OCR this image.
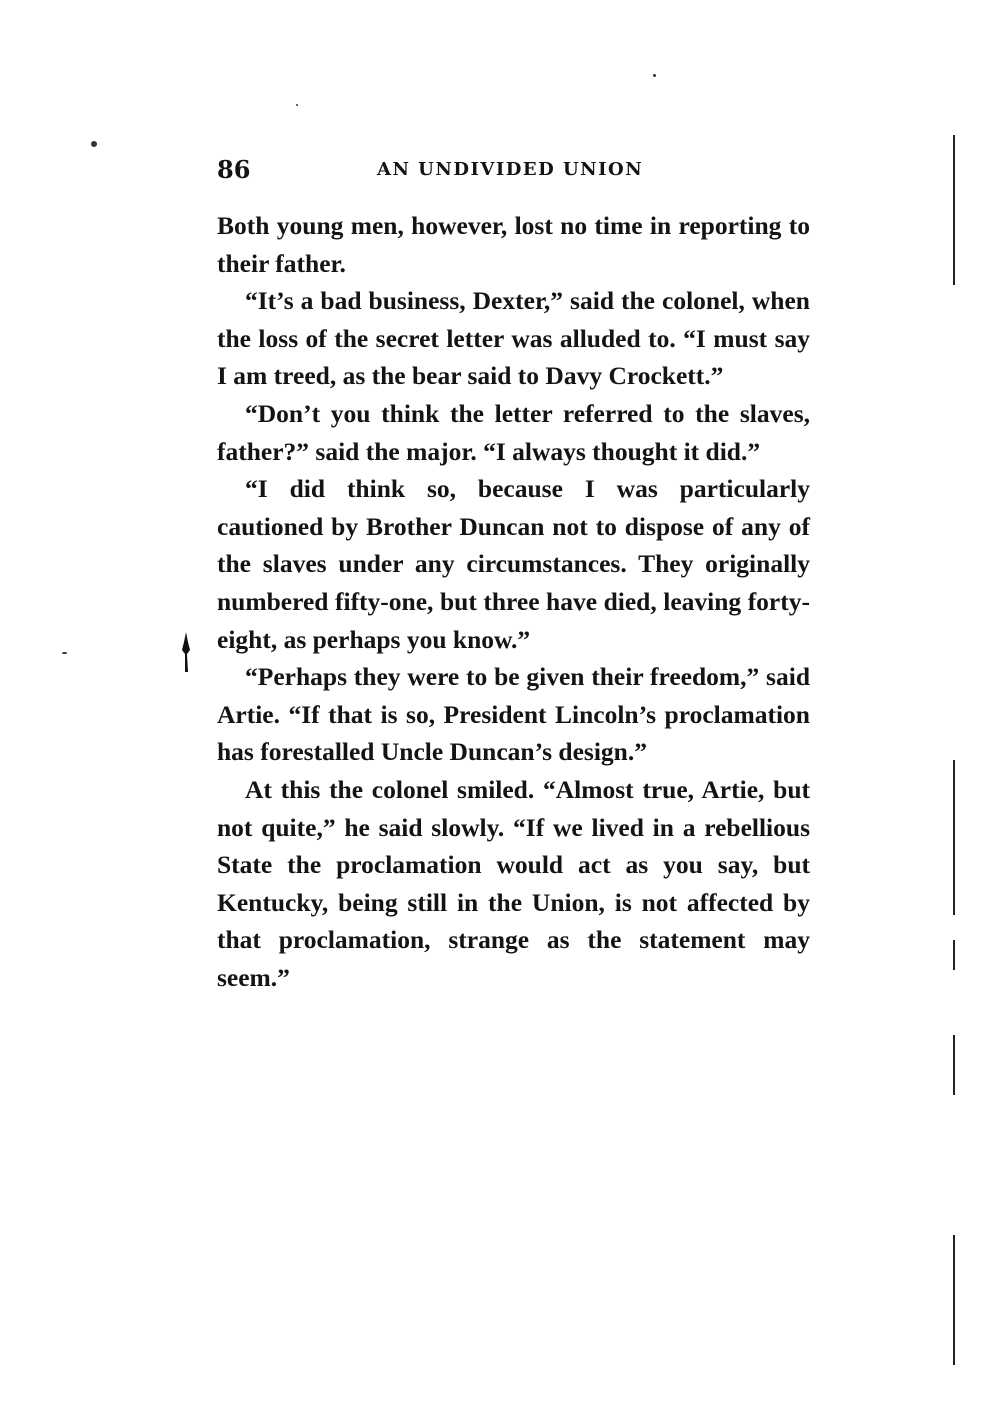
86	AN UNDIVIDED UNION

Both young men, however, lost no time in reporting to their father.

“It’s a bad business, Dexter,” said the colonel, when the loss of the secret letter was alluded to. “I must say I am treed, as the bear said to Davy Crockett.”

“Don’t you think the letter referred to the slaves, father?” said the major. “I always thought it did.”

“I did think so, because I was particularly cautioned by Brother Duncan not to dispose of any of the slaves under any circumstances. They originally numbered fifty-one, but three have died, leaving forty-eight, as perhaps you know.”

“Perhaps they were to be given their freedom,” said Artie. “If that is so, President Lincoln’s proclamation has forestalled Uncle Duncan’s design.”

At this the colonel smiled. “Almost true, Artie, but not quite,” he said slowly. “If we lived in a rebellious State the proclamation would act as you say, but Kentucky, being still in the Union, is not affected by that proclamation, strange as the statement may seem.”
